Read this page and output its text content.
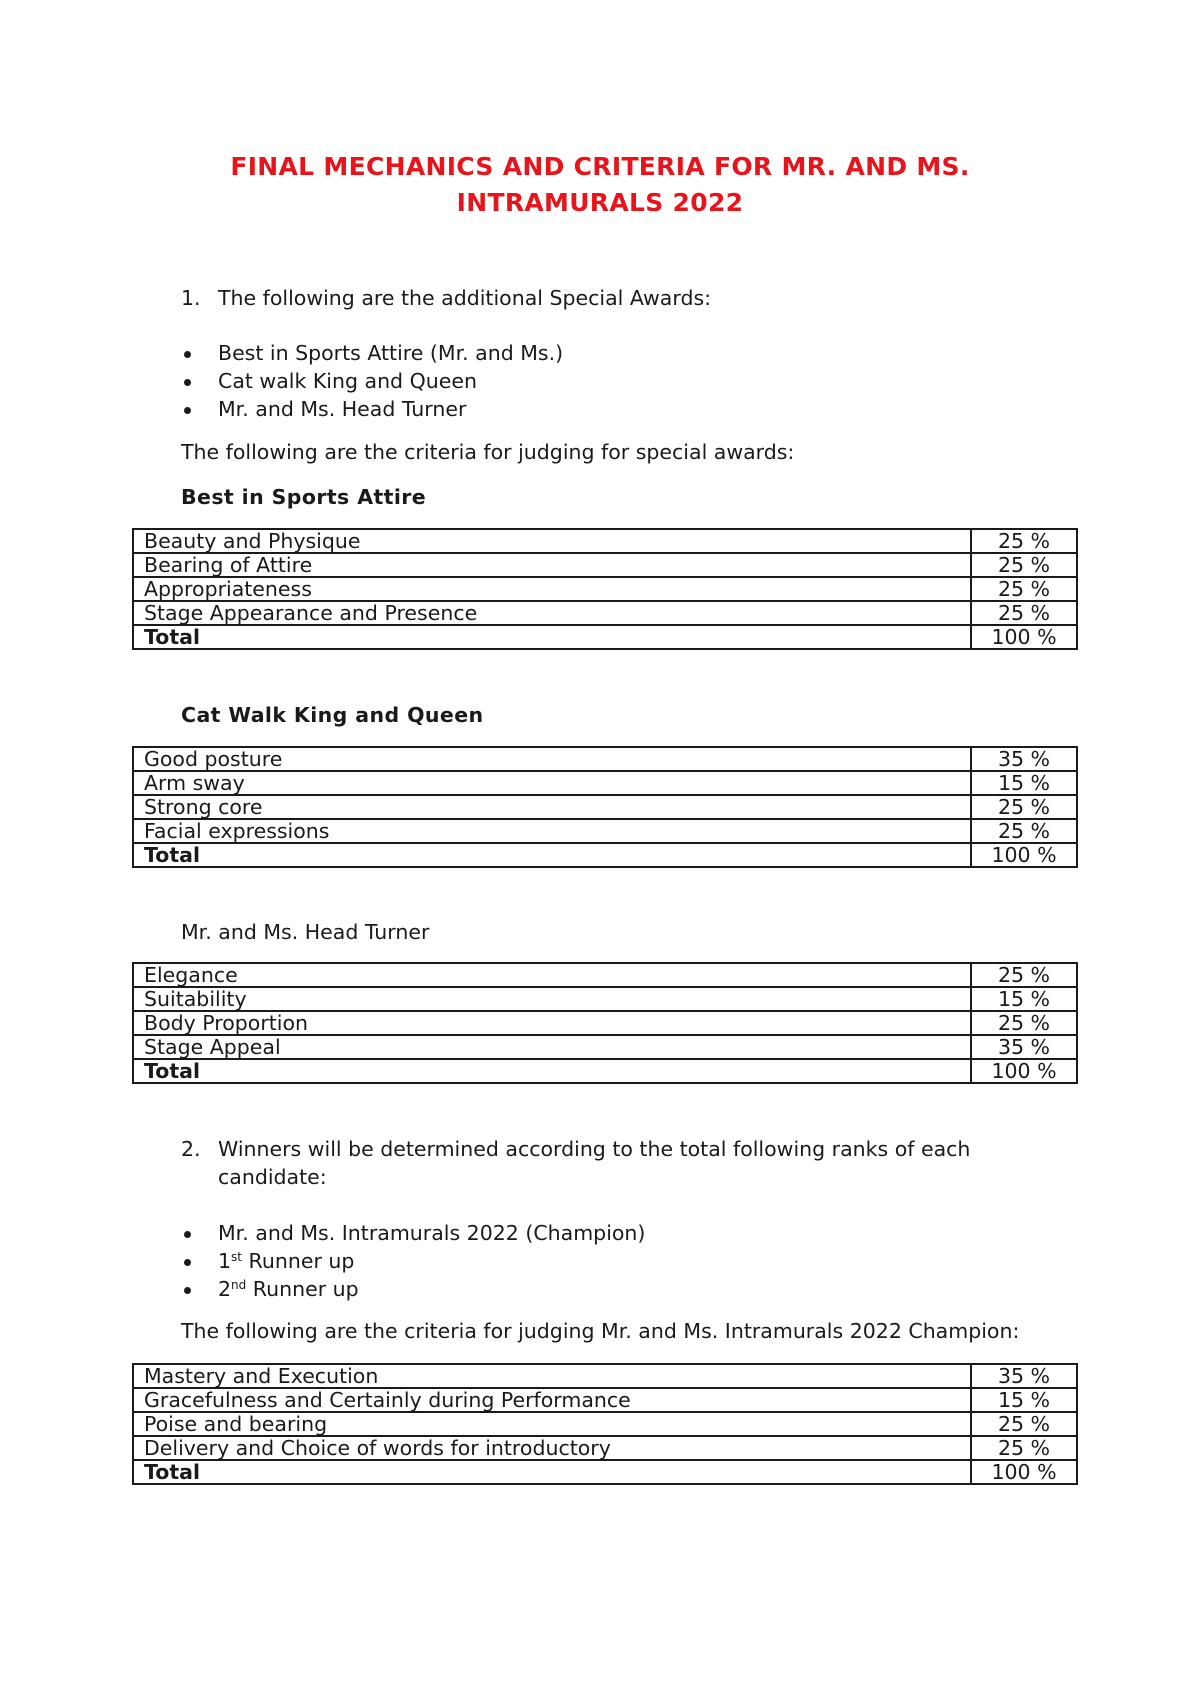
FINAL MECHANICS AND CRITERIA FOR MR. AND MS.
INTRAMURALS 2022
1. The following are the additional Special Awards:
Best in Sports Attire (Mr. and Ms.)
Cat walk King and Queen
Mr. and Ms. Head Turner

The following are the criteria for judging for special awards:

Best in Sports Attire
Beauty and Physique	25 %
Bearing of Attire	25 %
Appropriateness	25 %
Stage Appearance and Presence	25 %
Total	100 %
Cat Walk King and Queen
Good posture	35 %
Arm sway	15 %
Strong core	25 %
Facial expressions	25 %
Total	100 %
Mr. and Ms. Head Turner
Elegance	25 %
Suitability	15 %
Body Proportion	25 %
Stage Appeal	35 %
Total	100 %
2. Winners will be determined according to the total following ranks of each candidate:
Mr. and Ms. Intramurals 2022 (Champion)
1st Runner up
2nd Runner up

The following are the criteria for judging Mr. and Ms. Intramurals 2022 Champion:

Mastery and Execution	35 %
Gracefulness and Certainly during Performance	15 %
Poise and bearing	25 %
Delivery and Choice of words for introductory	25 %
Total	100 %
